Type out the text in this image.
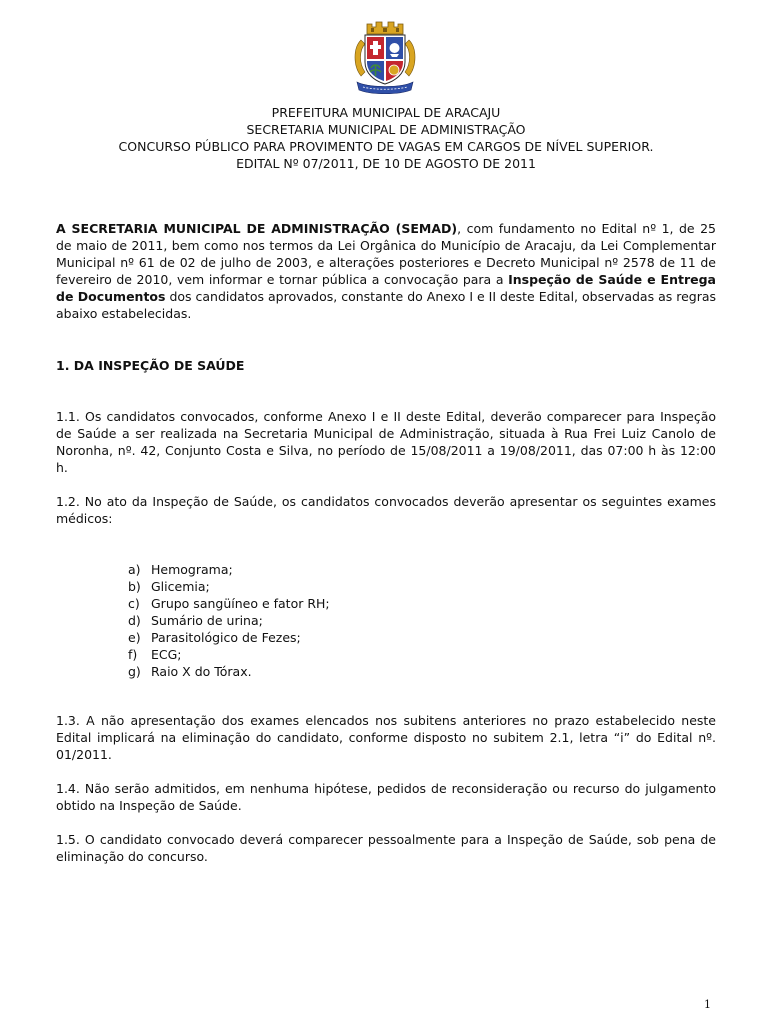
PREFEITURA MUNICIPAL DE ARACAJU
SECRETARIA MUNICIPAL DE ADMINISTRAÇÃO
CONCURSO PÚBLICO PARA PROVIMENTO DE VAGAS EM CARGOS DE NÍVEL SUPERIOR.
EDITAL Nº 07/2011, DE 10 DE AGOSTO DE 2011
A SECRETARIA MUNICIPAL DE ADMINISTRAÇÃO (SEMAD), com fundamento no Edital nº 1, de 25 de maio de 2011, bem como nos termos da Lei Orgânica do Município de Aracaju, da Lei Complementar Municipal nº 61 de 02 de julho de 2003, e alterações posteriores e Decreto Municipal nº 2578 de 11 de fevereiro de 2010, vem informar e tornar pública a convocação para a Inspeção de Saúde e Entrega de Documentos dos candidatos aprovados, constante do Anexo I e II deste Edital, observadas as regras abaixo estabelecidas.
1. DA INSPEÇÃO DE SAÚDE
1.1. Os candidatos convocados, conforme Anexo I e II deste Edital, deverão comparecer para Inspeção de Saúde a ser realizada na Secretaria Municipal de Administração, situada à Rua Frei Luiz Canolo de Noronha, nº. 42, Conjunto Costa e Silva, no período de 15/08/2011 a 19/08/2011, das 07:00 h às 12:00 h.
1.2. No ato da Inspeção de Saúde, os candidatos convocados deverão apresentar os seguintes exames médicos:
a) Hemograma;
b) Glicemia;
c) Grupo sangüíneo e fator RH;
d) Sumário de urina;
e) Parasitológico de Fezes;
f) ECG;
g) Raio X do Tórax.
1.3. A não apresentação dos exames elencados nos subitens anteriores no prazo estabelecido neste Edital implicará na eliminação do candidato, conforme disposto no subitem 2.1, letra “i” do Edital nº. 01/2011.
1.4. Não serão admitidos, em nenhuma hipótese, pedidos de reconsideração ou recurso do julgamento obtido na Inspeção de Saúde.
1.5. O candidato convocado deverá comparecer pessoalmente para a Inspeção de Saúde, sob pena de eliminação do concurso.
1
